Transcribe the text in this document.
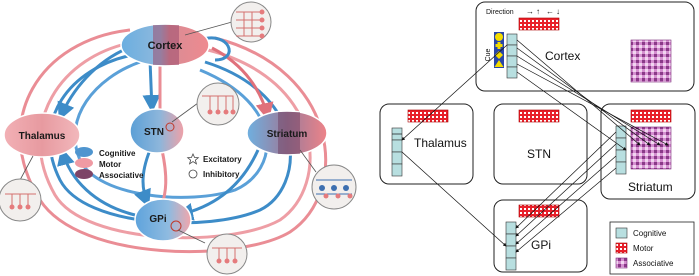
Cortex
Thalamus	STN	Striatum
GPi
Cognitive
Motor
Associative
Excitatory
Inhibitory
Direction → ↑ ← ↓
Cue	Cortex
Thalamus
STN
Striatum
GPi
Cognitive
Motor
Associative
